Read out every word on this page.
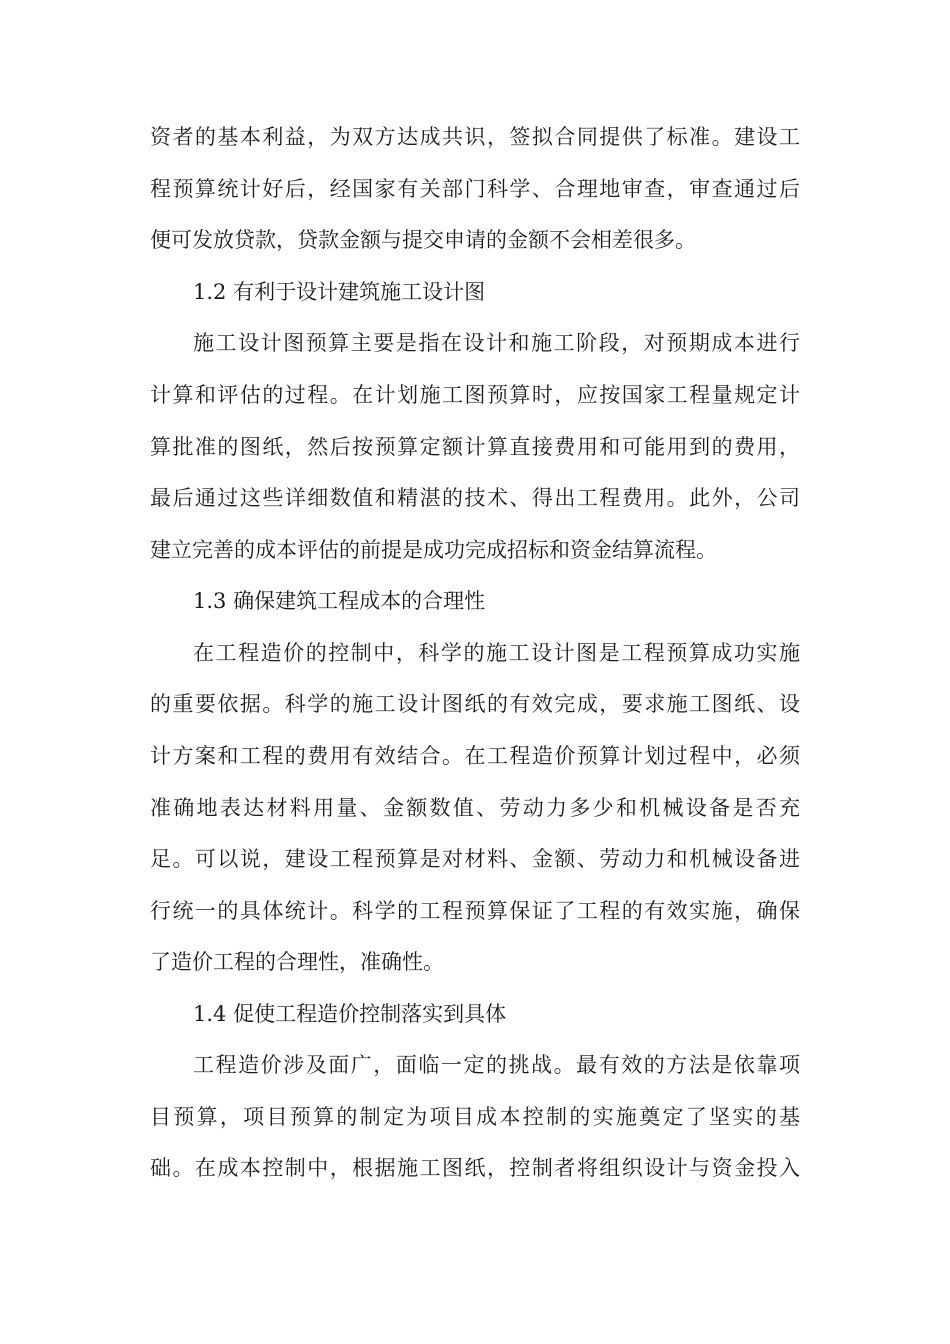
资者的基本利益，为双方达成共识，签拟合同提供了标准。建设工
程预算统计好后，经国家有关部门科学、合理地审查，审查通过后
便可发放贷款，贷款金额与提交申请的金额不会相差很多。
1.2 有利于设计建筑施工设计图
施工设计图预算主要是指在设计和施工阶段，对预期成本进行
计算和评估的过程。在计划施工图预算时，应按国家工程量规定计
算批准的图纸，然后按预算定额计算直接费用和可能用到的费用，
最后通过这些详细数值和精湛的技术、得出工程费用。此外，公司
建立完善的成本评估的前提是成功完成招标和资金结算流程。
1.3 确保建筑工程成本的合理性
在工程造价的控制中，科学的施工设计图是工程预算成功实施
的重要依据。科学的施工设计图纸的有效完成，要求施工图纸、设
计方案和工程的费用有效结合。在工程造价预算计划过程中，必须
准确地表达材料用量、金额数值、劳动力多少和机械设备是否充
足。可以说，建设工程预算是对材料、金额、劳动力和机械设备进
行统一的具体统计。科学的工程预算保证了工程的有效实施，确保
了造价工程的合理性，准确性。
1.4 促使工程造价控制落实到具体
工程造价涉及面广，面临一定的挑战。最有效的方法是依靠项
目预算，项目预算的制定为项目成本控制的实施奠定了坚实的基
础。在成本控制中，根据施工图纸，控制者将组织设计与资金投入
